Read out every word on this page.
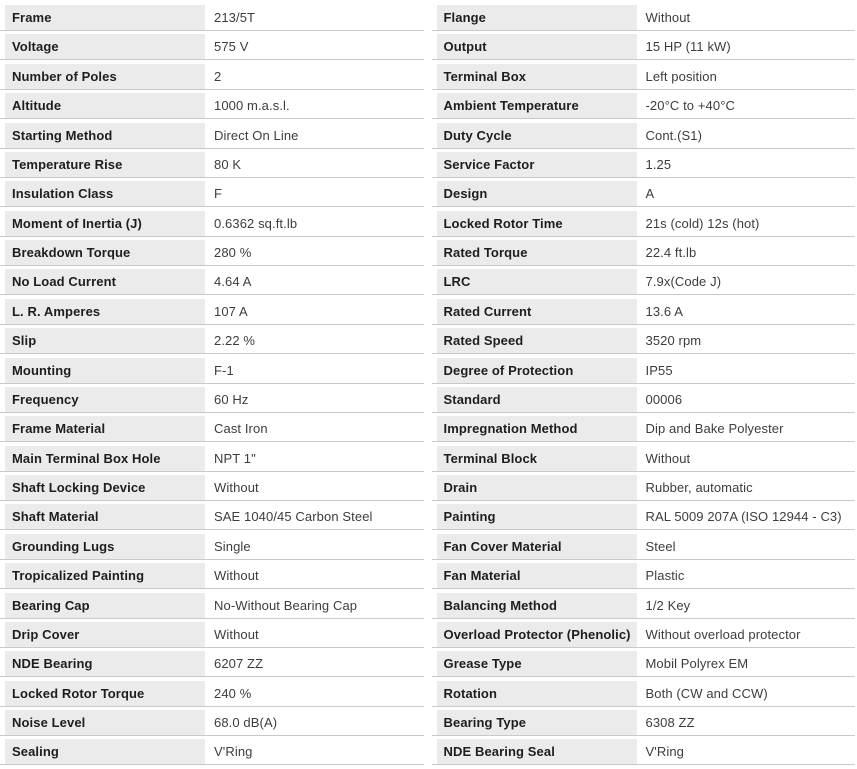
Frame	213/5T
Voltage	575 V
Number of Poles	2
Altitude	1000 m.a.s.l.
Starting Method	Direct On Line
Temperature Rise	80 K
Insulation Class	F
Moment of Inertia (J)	0.6362 sq.ft.lb
Breakdown Torque	280 %
No Load Current	4.64 A
L. R. Amperes	107 A
Slip	2.22 %
Mounting	F-1
Frequency	60 Hz
Frame Material	Cast Iron
Main Terminal Box Hole	NPT 1"
Shaft Locking Device	Without
Shaft Material	SAE 1040/45 Carbon Steel
Grounding Lugs	Single
Tropicalized Painting	Without
Bearing Cap	No-Without Bearing Cap
Drip Cover	Without
NDE Bearing	6207 ZZ
Locked Rotor Torque	240 %
Noise Level	68.0 dB(A)
Sealing	V'Ring
Flange	Without
Output	15 HP (11 kW)
Terminal Box	Left position
Ambient Temperature	-20°C to +40°C
Duty Cycle	Cont.(S1)
Service Factor	1.25
Design	A
Locked Rotor Time	21s (cold) 12s (hot)
Rated Torque	22.4 ft.lb
LRC	7.9x(Code J)
Rated Current	13.6 A
Rated Speed	3520 rpm
Degree of Protection	IP55
Standard	00006
Impregnation Method	Dip and Bake Polyester
Terminal Block	Without
Drain	Rubber, automatic
Painting	RAL 5009 207A (ISO 12944 - C3)
Fan Cover Material	Steel
Fan Material	Plastic
Balancing Method	1/2 Key
Overload Protector (Phenolic)	Without overload protector
Grease Type	Mobil Polyrex EM
Rotation	Both (CW and CCW)
Bearing Type	6308 ZZ
NDE Bearing Seal	V'Ring
